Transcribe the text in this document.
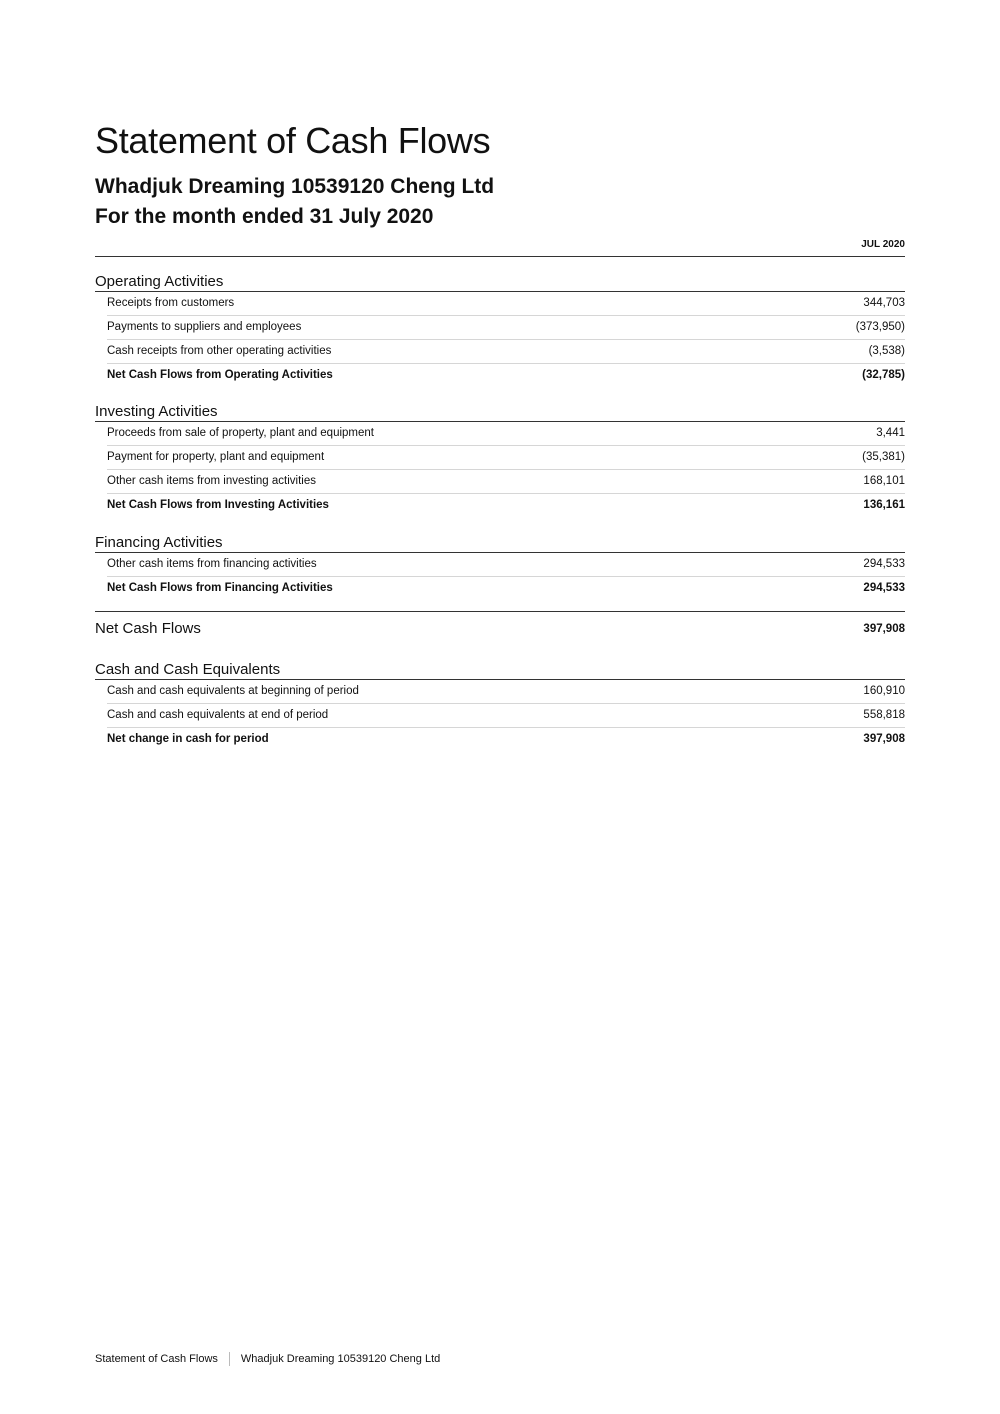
Statement of Cash Flows
Whadjuk Dreaming 10539120 Cheng Ltd
For the month ended 31 July 2020
JUL 2020
Operating Activities
Receipts from customers	344,703
Payments to suppliers and employees	(373,950)
Cash receipts from other operating activities	(3,538)
Net Cash Flows from Operating Activities	(32,785)
Investing Activities
Proceeds from sale of property, plant and equipment	3,441
Payment for property, plant and equipment	(35,381)
Other cash items from investing activities	168,101
Net Cash Flows from Investing Activities	136,161
Financing Activities
Other cash items from financing activities	294,533
Net Cash Flows from Financing Activities	294,533
Net Cash Flows	397,908
Cash and Cash Equivalents
Cash and cash equivalents at beginning of period	160,910
Cash and cash equivalents at end of period	558,818
Net change in cash for period	397,908
Statement of Cash Flows Whadjuk Dreaming 10539120 Cheng Ltd
